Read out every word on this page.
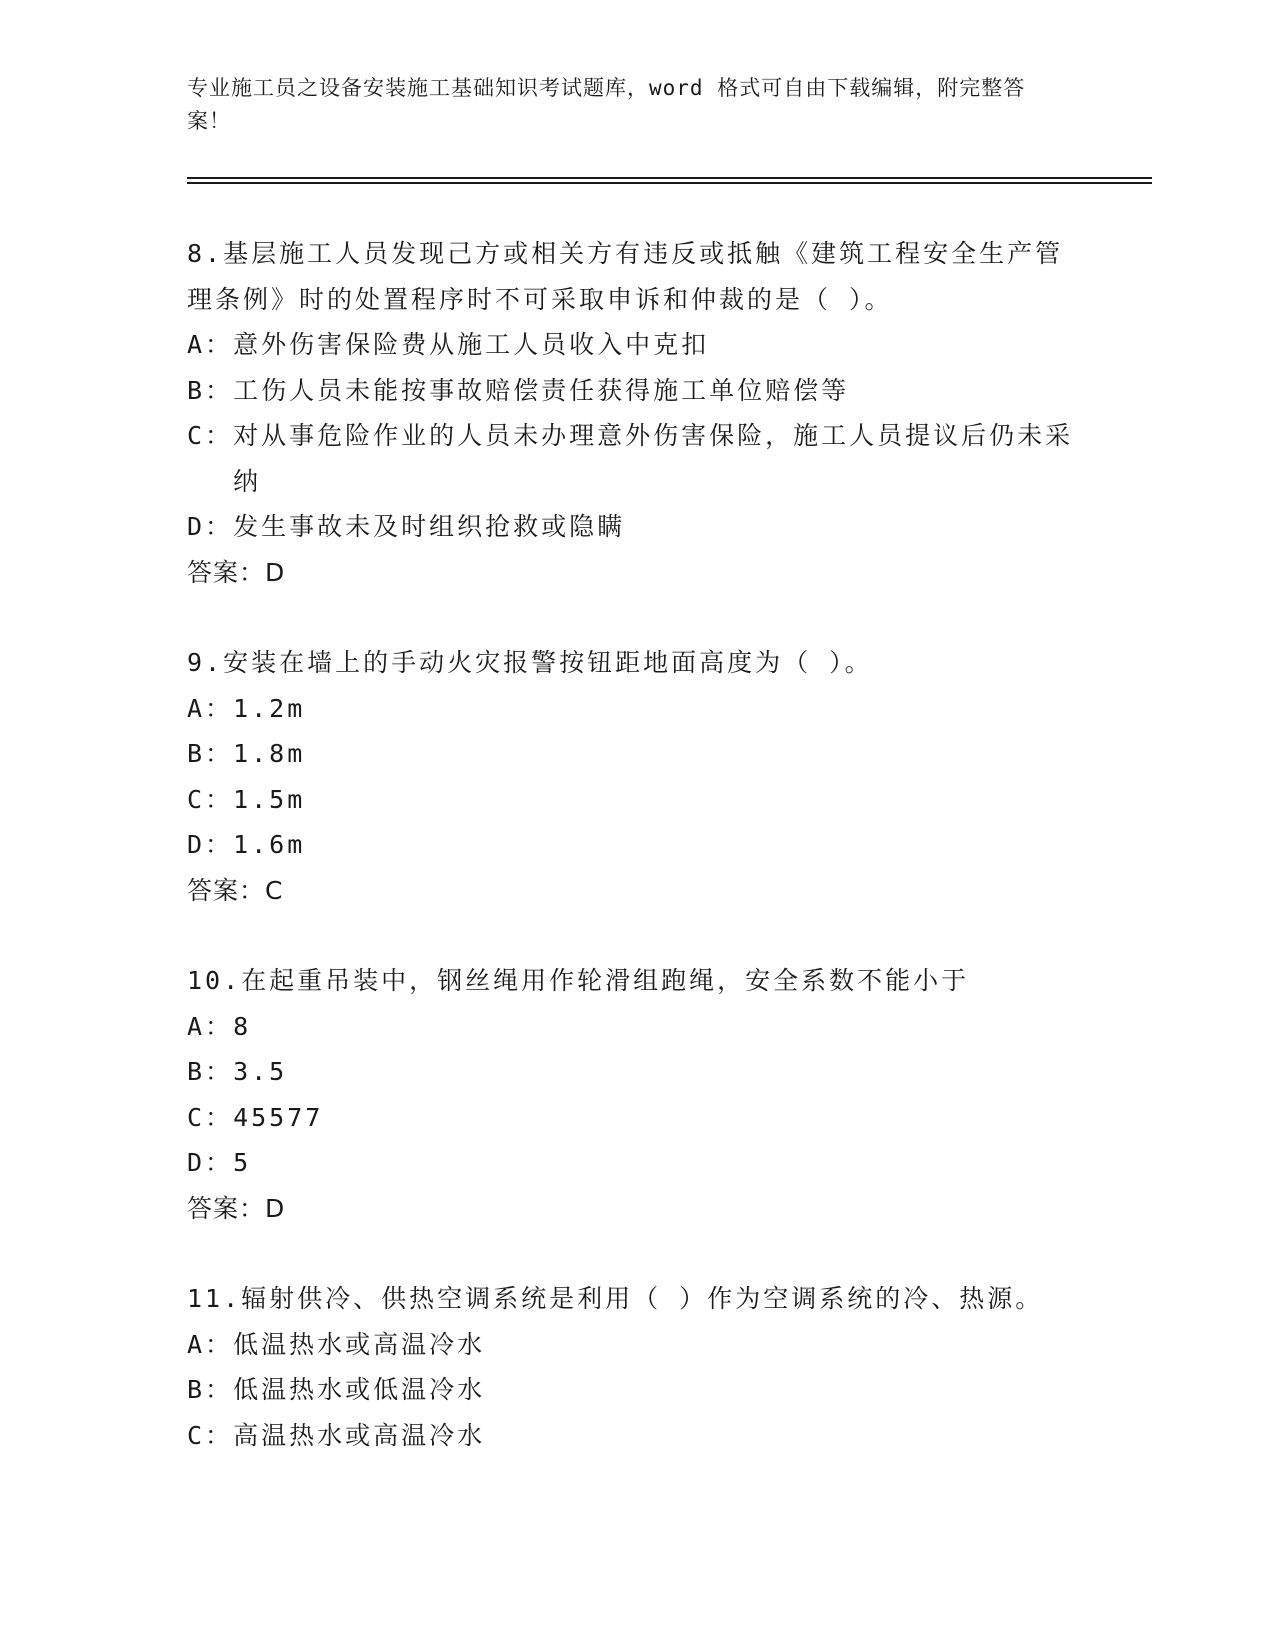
专业施工员之设备安装施工基础知识考试题库，word 格式可自由下载编辑，附完整答案！

8.基层施工人员发现己方或相关方有违反或抵触《建筑工程安全生产管理条例》时的处置程序时不可采取申诉和仲裁的是（ ）。

A： 意外伤害保险费从施工人员收入中克扣
B： 工伤人员未能按事故赔偿责任获得施工单位赔偿等
C： 对从事危险作业的人员未办理意外伤害保险，施工人员提议后仍未采纳
D： 发生事故未及时组织抢救或隐瞒

答案：D

9.安装在墙上的手动火灾报警按钮距地面高度为（ ）。

A： 1.2m
B： 1.8m
C： 1.5m
D： 1.6m

答案：C

10.在起重吊装中，钢丝绳用作轮滑组跑绳，安全系数不能小于

A： 8
B： 3.5
C： 45577
D： 5

答案：D

11.辐射供冷、供热空调系统是利用（ ）作为空调系统的冷、热源。

A： 低温热水或高温冷水
B： 低温热水或低温冷水
C： 高温热水或高温冷水
